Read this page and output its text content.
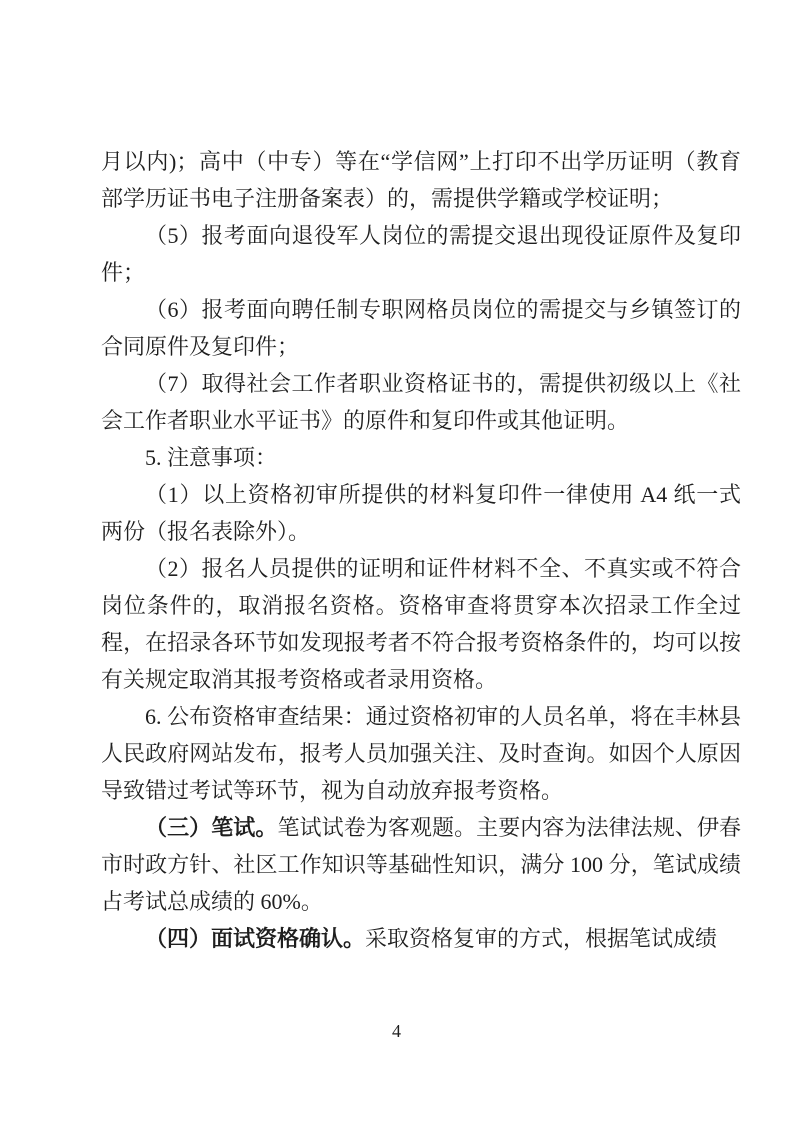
月以内)；高中（中专）等在“学信网”上打印不出学历证明（教育部学历证书电子注册备案表）的，需提供学籍或学校证明；

（5）报考面向退役军人岗位的需提交退出现役证原件及复印件；

（6）报考面向聘任制专职网格员岗位的需提交与乡镇签订的合同原件及复印件；

（7）取得社会工作者职业资格证书的，需提供初级以上《社会工作者职业水平证书》的原件和复印件或其他证明。

5. 注意事项：

（1）以上资格初审所提供的材料复印件一律使用 A4 纸一式两份（报名表除外）。

（2）报名人员提供的证明和证件材料不全、不真实或不符合岗位条件的，取消报名资格。资格审查将贯穿本次招录工作全过程，在招录各环节如发现报考者不符合报考资格条件的，均可以按有关规定取消其报考资格或者录用资格。

6. 公布资格审查结果：通过资格初审的人员名单，将在丰林县人民政府网站发布，报考人员加强关注、及时查询。如因个人原因导致错过考试等环节，视为自动放弃报考资格。

（三）笔试。笔试试卷为客观题。主要内容为法律法规、伊春市时政方针、社区工作知识等基础性知识，满分 100 分，笔试成绩占考试总成绩的 60%。

（四）面试资格确认。采取资格复审的方式，根据笔试成绩

4
